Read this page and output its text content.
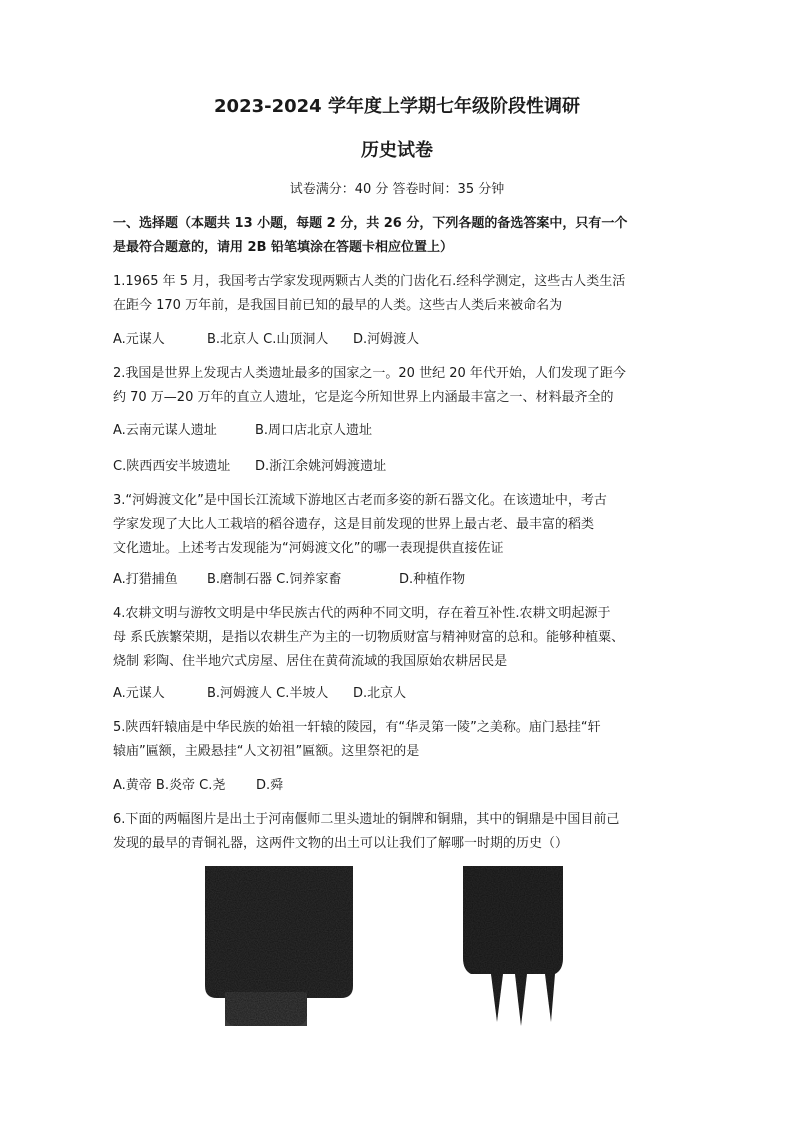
2023-2024 学年度上学期七年级阶段性调研
历史试卷
试卷满分：40 分 答卷时间：35 分钟
一、选择题（本题共 13 小题，每题 2 分，共 26 分，下列各题的备选答案中，只有一个
是最符合题意的，请用 2B 铅笔填涂在答题卡相应位置上）
1.1965 年 5 月，我国考古学家发现两颗古人类的门齿化石.经科学测定，这些古人类生活
在距今 170 万年前，是我国目前已知的最早的人类。这些古人类后来被命名为
A.元谋人	B.北京人 C.山顶洞人 D.河姆渡人
2.我国是世界上发现古人类遗址最多的国家之一。20 世纪 20 年代开始，人们发现了距今
约 70 万—20 万年的直立人遗址，它是迄今所知世界上内涵最丰富之一、材料最齐全的
A.云南元谋人遗址	B.周口店北京人遗址
C.陕西西安半坡遗址 D.浙江余姚河姆渡遗址
3.“河姆渡文化”是中国长江流域下游地区古老而多姿的新石器文化。在该遗址中，考古
学家发现了大比人工栽培的稻谷遗存，这是目前发现的世界上最古老、最丰富的稻类
文化遗址。上述考古发现能为“河姆渡文化”的哪一表现提供直接佐证
A.打猎捕鱼 B.磨制石器 C.饲养家畜	D.种植作物
4.农耕文明与游牧文明是中华民族古代的两种不同文明，存在着互补性.农耕文明起源于
母 系氏族繁荣期，是指以农耕生产为主的一切物质财富与精神财富的总和。能够种植粟、
烧制 彩陶、住半地穴式房屋、居住在黄荷流域的我国原始农耕居民是
A.元谋人	B.河姆渡人 C.半坡人 D.北京人
5.陕西轩辕庙是中华民族的始祖一轩辕的陵园，有“华灵第一陵”之美称。庙门悬挂“轩
辕庙”匾额，主殿悬挂“人文初祖”匾额。这里祭祀的是
A.黄帝 B.炎帝 C.尧 D.舜
6.下面的两幅图片是出土于河南偃师二里头遗址的铜牌和铜鼎，其中的铜鼎是中国目前己
发现的最早的青铜礼器，这两件文物的出土可以让我们了解哪一时期的历史（）
